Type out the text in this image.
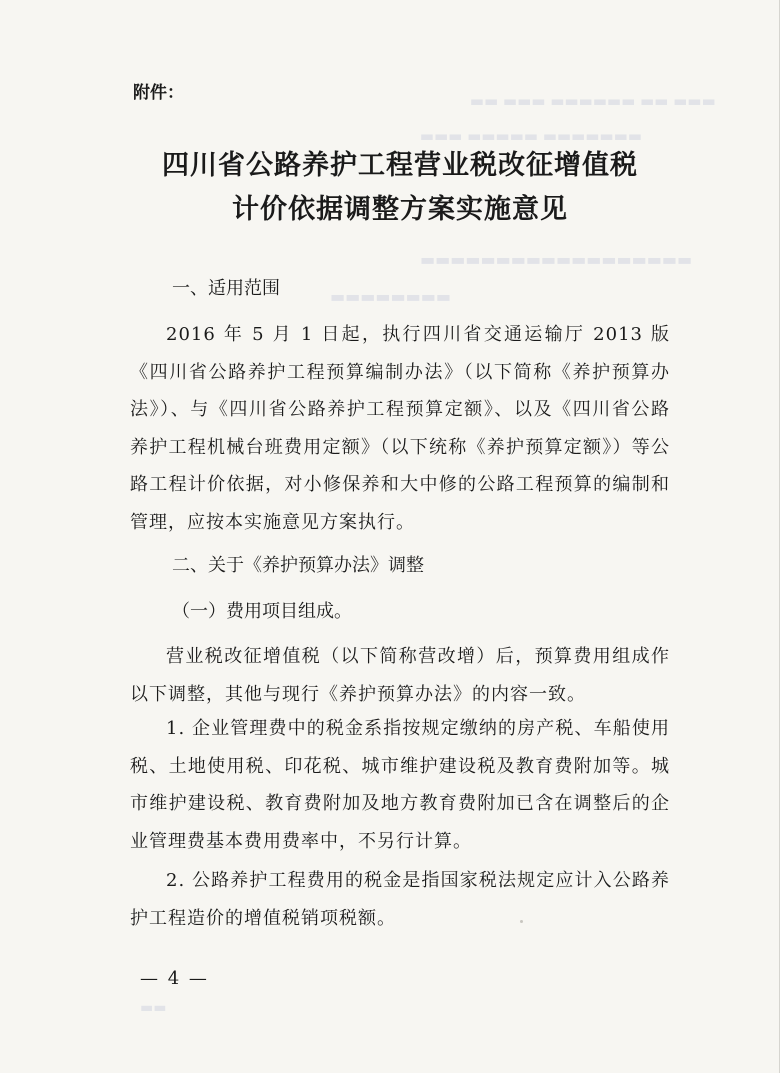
▬▬▬ ▬▬ ▬▬▬▬▬▬ ▬▬▬ ▬▬
▬▬▬▬▬▬▬ ▬▬▬▬▬ ▬▬▬
▬▬▬▬▬▬▬▬▬▬▬▬▬▬▬▬▬▬
▬▬▬▬▬▬▬▬
▬▬
附件：
四川省公路养护工程营业税改征增值税
计价依据调整方案实施意见
一、适用范围
2016 年 5 月 1 日起，执行四川省交通运输厅 2013 版《四川省公路养护工程预算编制办法》（以下简称《养护预算办法》）、与《四川省公路养护工程预算定额》、以及《四川省公路养护工程机械台班费用定额》（以下统称《养护预算定额》）等公路工程计价依据，对小修保养和大中修的公路工程预算的编制和管理，应按本实施意见方案执行。
二、关于《养护预算办法》调整
（一）费用项目组成。
营业税改征增值税（以下简称营改增）后，预算费用组成作以下调整，其他与现行《养护预算办法》的内容一致。
1. 企业管理费中的税金系指按规定缴纳的房产税、车船使用税、土地使用税、印花税、城市维护建设税及教育费附加等。城市维护建设税、教育费附加及地方教育费附加已含在调整后的企业管理费基本费用费率中，不另行计算。
2. 公路养护工程费用的税金是指国家税法规定应计入公路养护工程造价的增值税销项税额。
— 4 —
